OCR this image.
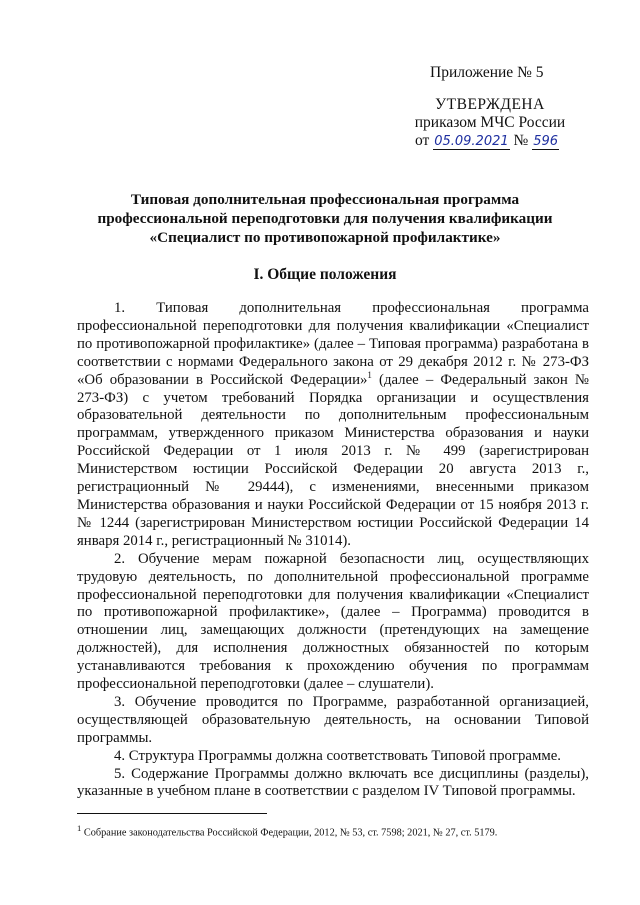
Приложение № 5
УТВЕРЖДЕНА
приказом МЧС России
от 05.09.2021 № 596
Типовая дополнительная профессиональная программа
профессиональной переподготовки для получения квалификации
«Специалист по противопожарной профилактике»
I. Общие положения

1. Типовая дополнительная профессиональная программа профессиональной переподготовки для получения квалификации «Специалист по противопожарной профилактике» (далее – Типовая программа) разработана в соответствии с нормами Федерального закона от 29 декабря 2012 г. № 273-ФЗ «Об образовании в Российской Федерации»$^1$ (далее – Федеральный закон № 273-ФЗ) с учетом требований Порядка организации и осуществления образовательной деятельности по дополнительным профессиональным программам, утвержденного приказом Министерства образования и науки Российской Федерации от 1 июля 2013 г. № 499 (зарегистрирован Министерством юстиции Российской Федерации 20 августа 2013 г., регистрационный № 29444), с изменениями, внесенными приказом Министерства образования и науки Российской Федерации от 15 ноября 2013 г. № 1244 (зарегистрирован Министерством юстиции Российской Федерации 14 января 2014 г., регистрационный № 31014).

2. Обучение мерам пожарной безопасности лиц, осуществляющих трудовую деятельность, по дополнительной профессиональной программе профессиональной переподготовки для получения квалификации «Специалист по противопожарной профилактике», (далее – Программа) проводится в отношении лиц, замещающих должности (претендующих на замещение должностей), для исполнения должностных обязанностей по которым устанавливаются требования к прохождению обучения по программам профессиональной переподготовки (далее – слушатели).

3. Обучение проводится по Программе, разработанной организацией, осуществляющей образовательную деятельность, на основании Типовой программы.

4. Структура Программы должна соответствовать Типовой программе.

5. Содержание Программы должно включать все дисциплины (разделы), указанные в учебном плане в соответствии с разделом IV Типовой программы.

$^1$ Собрание законодательства Российской Федерации, 2012, № 53, ст. 7598; 2021, № 27, ст. 5179.
